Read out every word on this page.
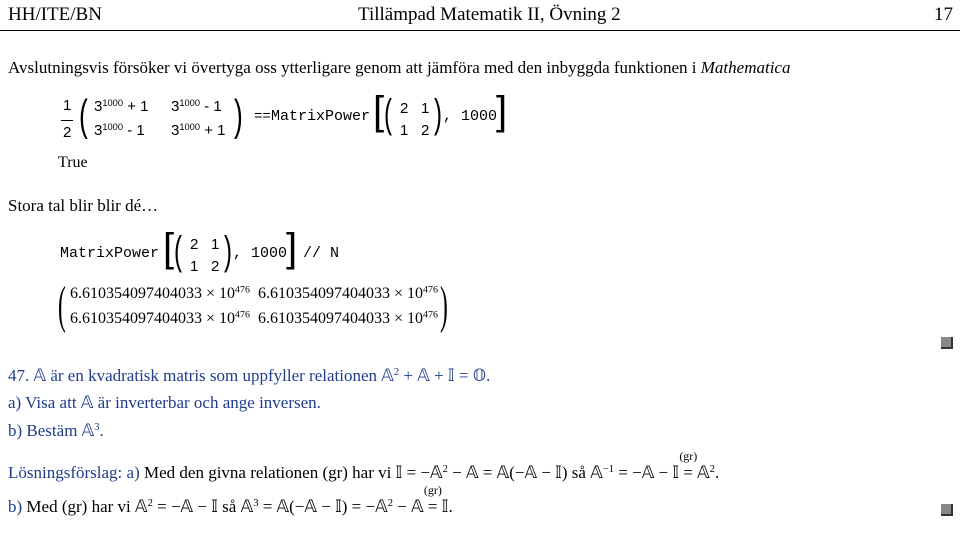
HH/ITE/BN	Tillämpad Matematik II, Övning 2	17
Avslutningsvis försöker vi övertyga oss ytterligare genom att jämföra med den inbyggda funktionen i Mathematica
1
2 (	)
$3^{1000} + 1$ $3^{1000} - 1$
$3^{1000} - 1$ $3^{1000} + 1$
== MatrixPower [ ( 2 1
1 2 ) , 1000
]
True
Stora tal blir blir dé…
MatrixPower [ ( 2 1
1 2 ) , 1000
] // N
( $6.610354097404033 \times 10^{476}$ $6.610354097404033 \times 10^{476}$
$6.610354097404033 \times 10^{476}$ $6.610354097404033 \times 10^{476}$ )
47. 𝔸 är en kvadratisk matris som uppfyller relationen 𝔸$^2$ + 𝔸 + 𝕀 = 𝕆.
a) Visa att 𝔸 är inverterbar och ange inversen.
b) Bestäm 𝔸$^3$.
Lösningsförslag: a) Med den givna relationen (gr) har vi 𝕀 = −𝔸$^2$ − 𝔸 = 𝔸(−𝔸 − 𝕀) så 𝔸$^{-1}$ = −𝔸 − 𝕀
(gr)
= 𝔸$^2$.
b) Med (gr) har vi 𝔸$^2$ = −𝔸 − 𝕀 så 𝔸$^3$ = 𝔸(−𝔸 − 𝕀) = −𝔸$^2$ − 𝔸
(gr)
= 𝕀.
